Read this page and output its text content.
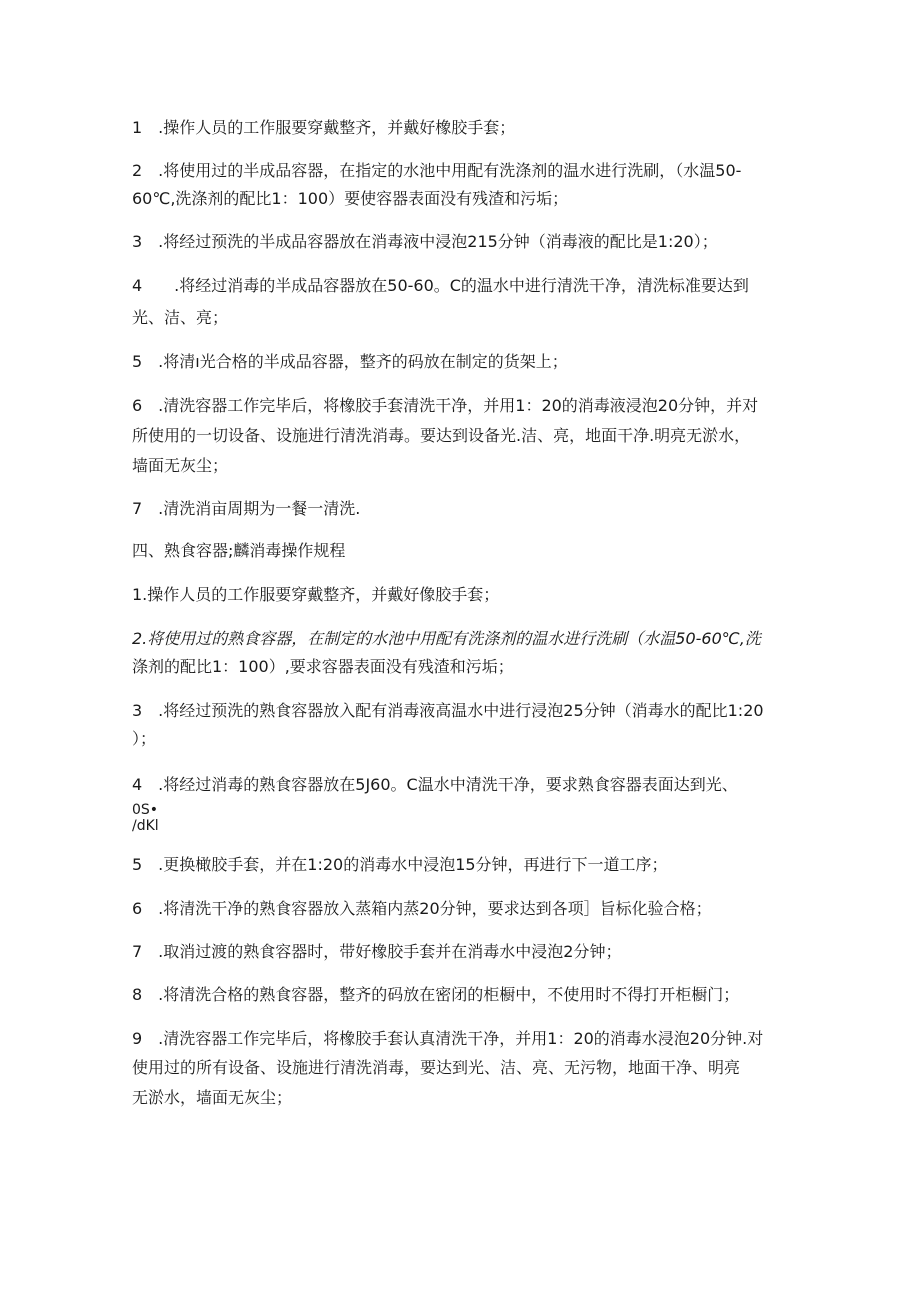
1　.操作人员的工作服要穿戴整齐，并戴好橡胶手套；
2　.将使用过的半成品容器，在指定的水池中用配有洗涤剂的温水进行洗刷，（水温50-
60℃,洗涤剂的配比1：100）要使容器表面没有残渣和污垢；
3　.将经过预洗的半成品容器放在消毒液中浸泡215分钟（消毒液的配比是1:20）；
4　　.将经过消毒的半成品容器放在50-60。C的温水中进行清洗干净，清洗标准要达到
光、洁、亮；
5　.将清ı光合格的半成品容器，整齐的码放在制定的货架上；
6　.清洗容器工作完毕后，将橡胶手套清洗干净，并用1：20的消毒液浸泡20分钟，并对
所使用的一切设备、设施进行清洗消毒。要达到设备光.洁、亮，地面干净.明亮无淤水，
墙面无灰尘；
7　.清洗消亩周期为一餐一清洗.
四、熟食容器;麟消毒操作规程
1.操作人员的工作服要穿戴整齐，并戴好像胶手套；
2.将使用过的熟食容器，在制定的水池中用配有洗涤剂的温水进行洗刷（水温50-60℃,洗
涤剂的配比1：100）,要求容器表面没有残渣和污垢；
3　.将经过预洗的熟食容器放入配有消毒液高温水中进行浸泡25分钟（消毒水的配比1:20
）；
4　.将经过消毒的熟食容器放在5J60。C温水中清洗干净，要求熟食容器表面达到光、
0S•
/dKl
5　.更换橄胶手套，并在1:20的消毒水中浸泡15分钟，再进行下一道工序；
6　.将清洗干净的熟食容器放入蒸箱内蒸20分钟，要求达到各项］旨标化验合格；
7　.取消过渡的熟食容器时，带好橡胶手套并在消毒水中浸泡2分钟；
8　.将清洗合格的熟食容器，整齐的码放在密闭的柜橱中，不使用时不得打开柜橱门；
9　.清洗容器工作完毕后，将橡胶手套认真清洗干净，并用1：20的消毒水浸泡20分钟.对
使用过的所有设备、设施进行清洗消毒，要达到光、洁、亮、无污物，地面干净、明亮
无淤水，墙面无灰尘；
